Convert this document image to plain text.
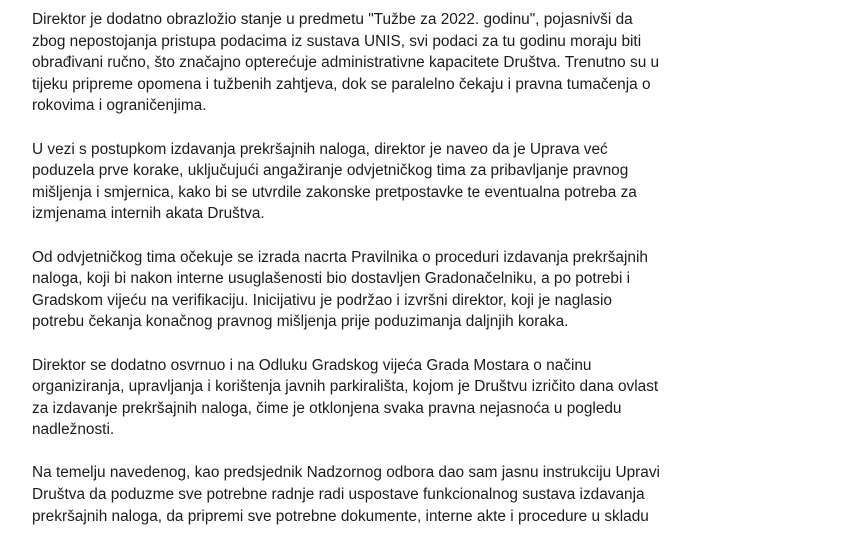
Direktor je dodatno obrazložio stanje u predmetu "Tužbe za 2022. godinu", pojasnivši da
zbog nepostojanja pristupa podacima iz sustava UNIS, svi podaci za tu godinu moraju biti
obrađivani ručno, što značajno opterećuje administrativne kapacitete Društva. Trenutno su u
tijeku pripreme opomena i tužbenih zahtjeva, dok se paralelno čekaju i pravna tumačenja o
rokovima i ograničenjima.

U vezi s postupkom izdavanja prekršajnih naloga, direktor je naveo da je Uprava već
poduzela prve korake, uključujući angažiranje odvjetničkog tima za pribavljanje pravnog
mišljenja i smjernica, kako bi se utvrdile zakonske pretpostavke te eventualna potreba za
izmjenama internih akata Društva.

Od odvjetničkog tima očekuje se izrada nacrta Pravilnika o proceduri izdavanja prekršajnih
naloga, koji bi nakon interne usuglašenosti bio dostavljen Gradonačelniku, a po potrebi i
Gradskom vijeću na verifikaciju. Inicijativu je podržao i izvršni direktor, koji je naglasio
potrebu čekanja konačnog pravnog mišljenja prije poduzimanja daljnjih koraka.

Direktor se dodatno osvrnuo i na Odluku Gradskog vijeća Grada Mostara o načinu
organiziranja, upravljanja i korištenja javnih parkirališta, kojom je Društvu izričito dana ovlast
za izdavanje prekršajnih naloga, čime je otklonjena svaka pravna nejasnoća u pogledu
nadležnosti.

Na temelju navedenog, kao predsjednik Nadzornog odbora dao sam jasnu instrukciju Upravi
Društva da poduzme sve potrebne radnje radi uspostave funkcionalnog sustava izdavanja
prekršajnih naloga, da pripremi sve potrebne dokumente, interne akte i procedure u skladu
